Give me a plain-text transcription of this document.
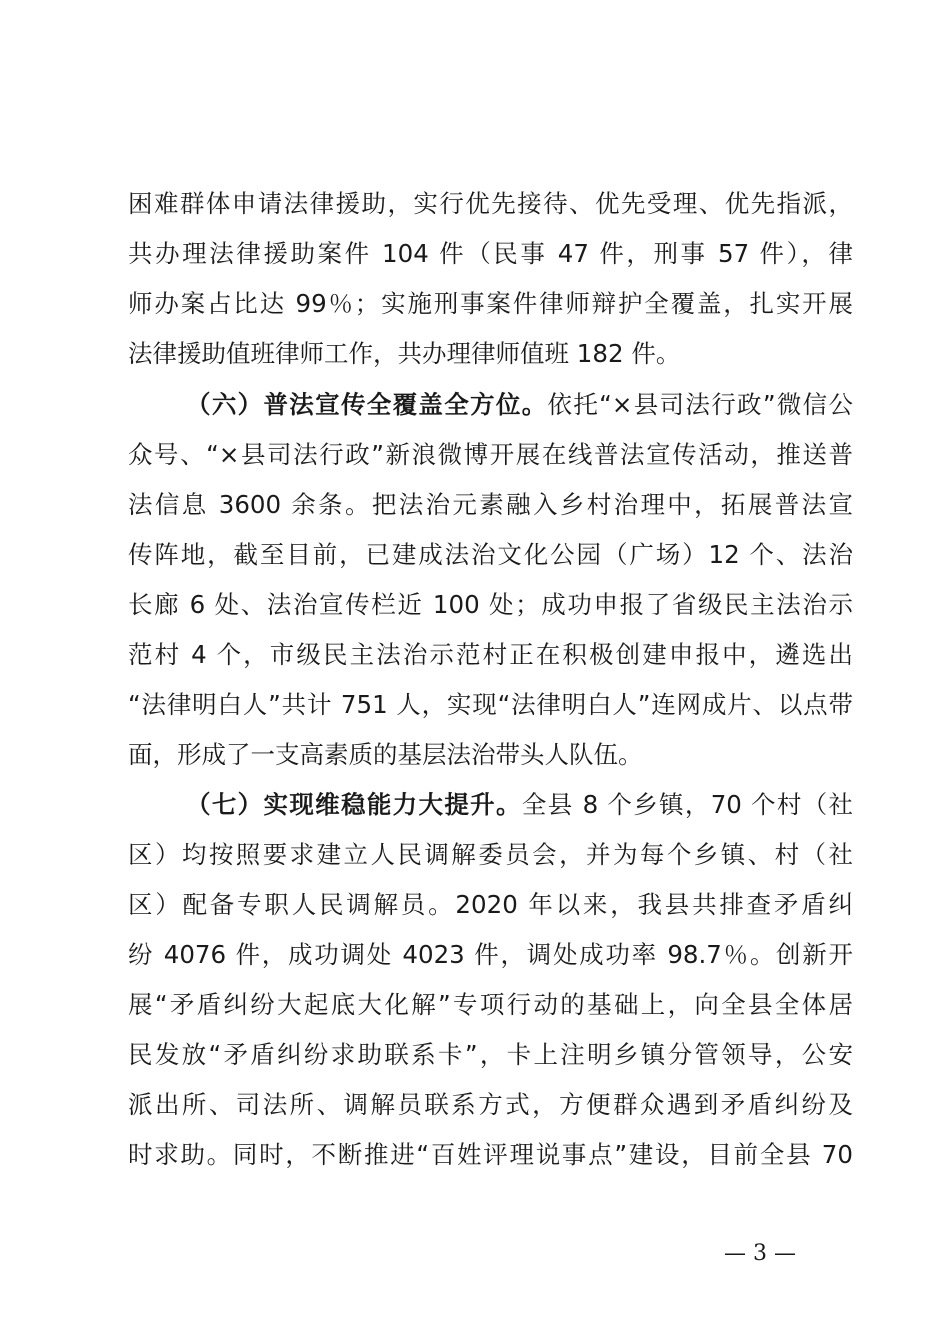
困难群体申请法律援助，实行优先接待、优先受理、优先指派，
共办理法律援助案件 104 件（民事 47 件，刑事 57 件），律
师办案占比达 99％；实施刑事案件律师辩护全覆盖，扎实开展
法律援助值班律师工作，共办理律师值班 182 件。
（六）普法宣传全覆盖全方位。依托“×县司法行政”微信公
众号、“×县司法行政”新浪微博开展在线普法宣传活动，推送普
法信息 3600 余条。把法治元素融入乡村治理中，拓展普法宣
传阵地，截至目前，已建成法治文化公园（广场）12 个、法治
长廊 6 处、法治宣传栏近 100 处；成功申报了省级民主法治示
范村 4 个，市级民主法治示范村正在积极创建申报中，遴选出
“法律明白人”共计 751 人，实现“法律明白人”连网成片、以点带
面，形成了一支高素质的基层法治带头人队伍。
（七）实现维稳能力大提升。全县 8 个乡镇，70 个村（社
区）均按照要求建立人民调解委员会，并为每个乡镇、村（社
区）配备专职人民调解员。2020 年以来，我县共排查矛盾纠
纷 4076 件，成功调处 4023 件，调处成功率 98.7％。创新开
展“矛盾纠纷大起底大化解”专项行动的基础上，向全县全体居
民发放“矛盾纠纷求助联系卡”，卡上注明乡镇分管领导，公安
派出所、司法所、调解员联系方式，方便群众遇到矛盾纠纷及
时求助。同时，不断推进“百姓评理说事点”建设，目前全县 70
— 3 —
